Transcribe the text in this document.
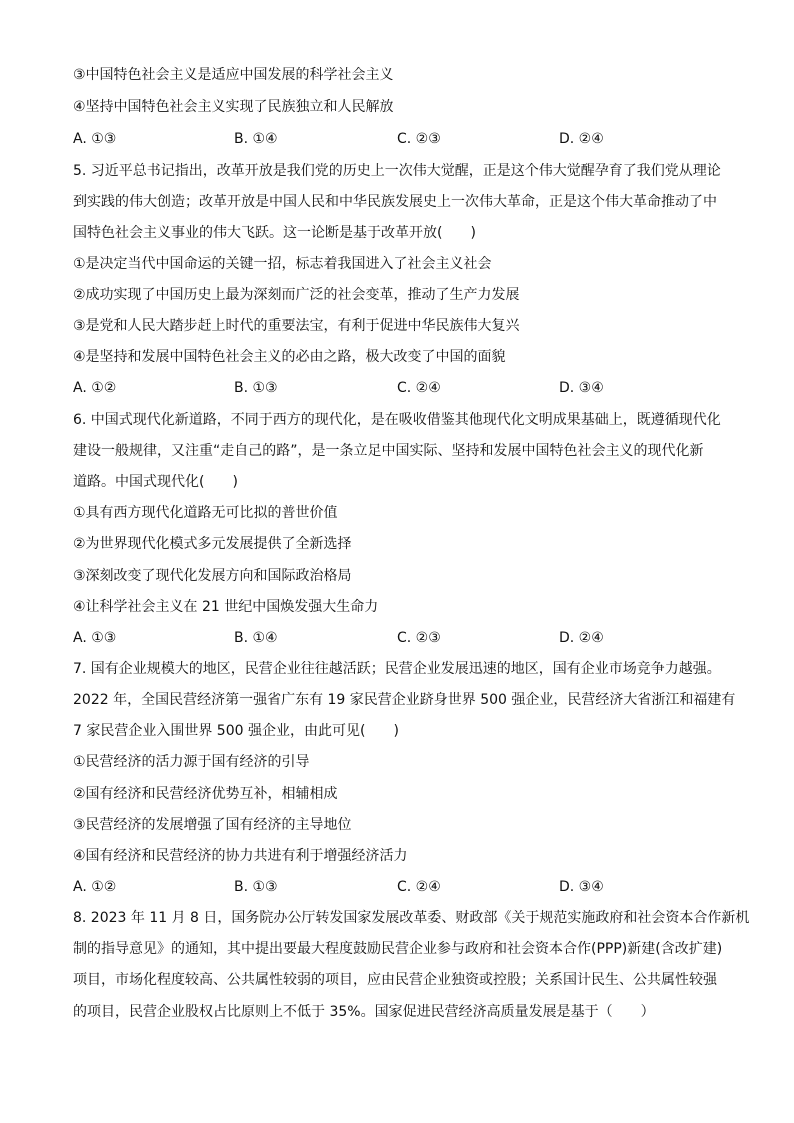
③中国特色社会主义是适应中国发展的科学社会主义
④坚持中国特色社会主义实现了民族独立和人民解放
A. ①③	B. ①④	C. ②③	D. ②④
5. 习近平总书记指出，改革开放是我们党的历史上一次伟大觉醒，正是这个伟大觉醒孕育了我们党从理论
到实践的伟大创造；改革开放是中国人民和中华民族发展史上一次伟大革命，正是这个伟大革命推动了中
国特色社会主义事业的伟大飞跃。这一论断是基于改革开放(　　)
①是决定当代中国命运的关键一招，标志着我国进入了社会主义社会
②成功实现了中国历史上最为深刻而广泛的社会变革，推动了生产力发展
③是党和人民大踏步赶上时代的重要法宝，有利于促进中华民族伟大复兴
④是坚持和发展中国特色社会主义的必由之路，极大改变了中国的面貌
A. ①②	B. ①③	C. ②④	D. ③④
6. 中国式现代化新道路，不同于西方的现代化，是在吸收借鉴其他现代化文明成果基础上，既遵循现代化
建设一般规律，又注重“走自己的路”，是一条立足中国实际、坚持和发展中国特色社会主义的现代化新
道路。中国式现代化(　　)
①具有西方现代化道路无可比拟的普世价值
②为世界现代化模式多元发展提供了全新选择
③深刻改变了现代化发展方向和国际政治格局
④让科学社会主义在 21 世纪中国焕发强大生命力
A. ①③	B. ①④	C. ②③	D. ②④
7. 国有企业规模大的地区，民营企业往往越活跃；民营企业发展迅速的地区，国有企业市场竞争力越强。
2022 年，全国民营经济第一强省广东有 19 家民营企业跻身世界 500 强企业，民营经济大省浙江和福建有
7 家民营企业入围世界 500 强企业，由此可见(　　)
①民营经济的活力源于国有经济的引导
②国有经济和民营经济优势互补，相辅相成
③民营经济的发展增强了国有经济的主导地位
④国有经济和民营经济的协力共进有利于增强经济活力
A. ①②	B. ①③	C. ②④	D. ③④
8. 2023 年 11 月 8 日，国务院办公厅转发国家发展改革委、财政部《关于规范实施政府和社会资本合作新机
制的指导意见》的通知，其中提出要最大程度鼓励民营企业参与政府和社会资本合作(PPP)新建(含改扩建)
项目，市场化程度较高、公共属性较弱的项目，应由民营企业独资或控股；关系国计民生、公共属性较强
的项目，民营企业股权占比原则上不低于 35%。国家促进民营经济高质量发展是基于（　　）
